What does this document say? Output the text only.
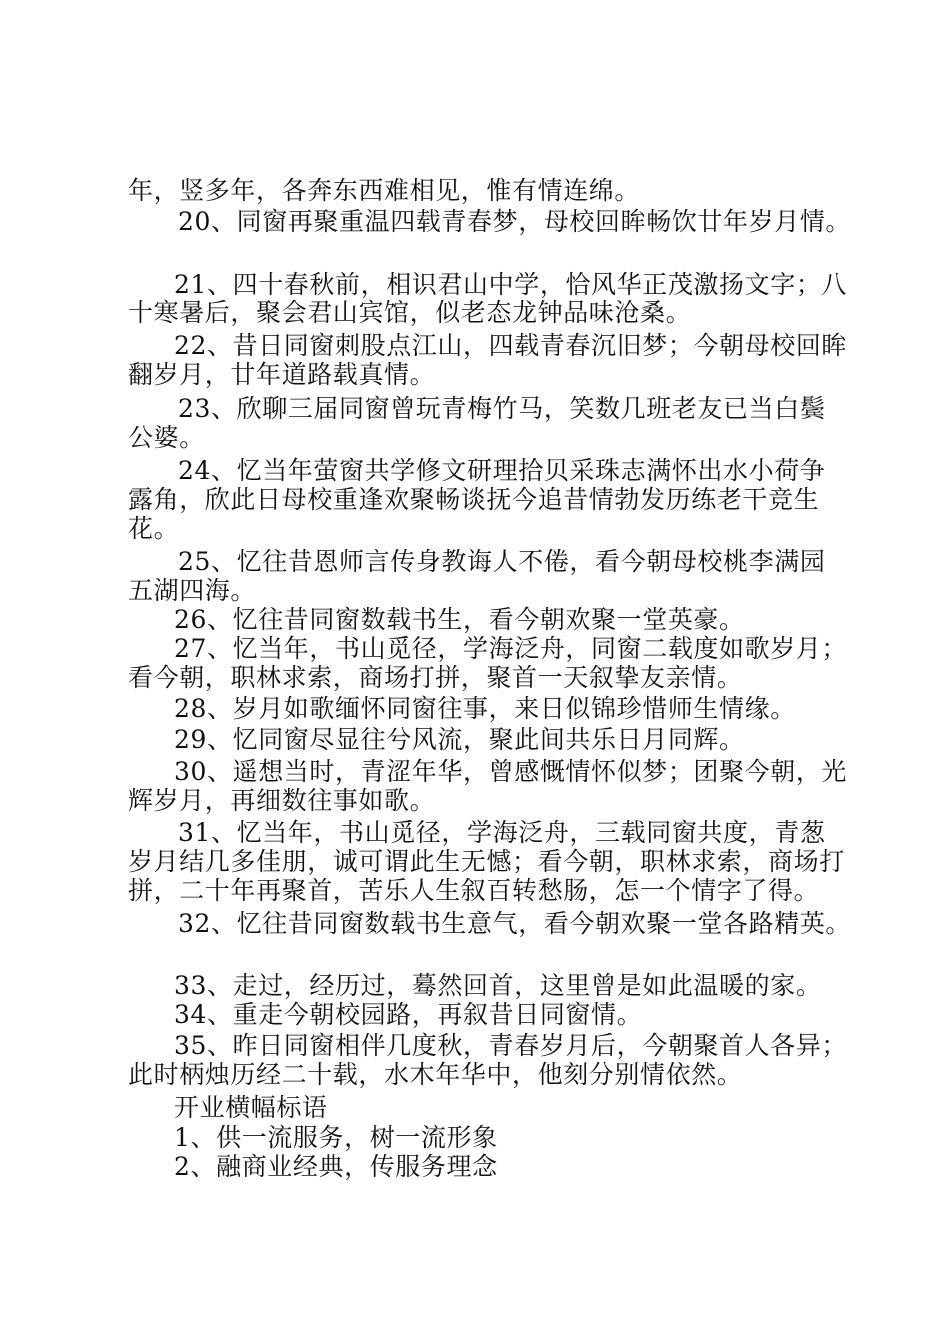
年，竖多年，各奔东西难相见，惟有情连绵。
20、同窗再聚重温四载青春梦，母校回眸畅饮廿年岁月情。
21、四十春秋前，相识君山中学，恰风华正茂激扬文字；八
十寒暑后，聚会君山宾馆，似老态龙钟品味沧桑。
22、昔日同窗刺股点江山，四载青春沉旧梦；今朝母校回眸
翻岁月，廿年道路载真情。
23、欣聊三届同窗曾玩青梅竹马，笑数几班老友已当白鬓
公婆。
24、忆当年萤窗共学修文研理拾贝采珠志满怀出水小荷争
露角，欣此日母校重逢欢聚畅谈抚今追昔情勃发历练老干竞生
花。
25、忆往昔恩师言传身教诲人不倦，看今朝母校桃李满园
五湖四海。
26、忆往昔同窗数载书生，看今朝欢聚一堂英豪。
27、忆当年，书山觅径，学海泛舟，同窗二载度如歌岁月；
看今朝，职林求索，商场打拼，聚首一天叙挚友亲情。
28、岁月如歌缅怀同窗往事，来日似锦珍惜师生情缘。
29、忆同窗尽显往兮风流，聚此间共乐日月同辉。
30、遥想当时，青涩年华，曾感慨情怀似梦；团聚今朝，光
辉岁月，再细数往事如歌。
31、忆当年，书山觅径，学海泛舟，三载同窗共度，青葱
岁月结几多佳朋，诚可谓此生无憾；看今朝，职林求索，商场打
拼，二十年再聚首，苦乐人生叙百转愁肠，怎一个情字了得。
32、忆往昔同窗数载书生意气，看今朝欢聚一堂各路精英。
33、走过，经历过，蓦然回首，这里曾是如此温暖的家。
34、重走今朝校园路，再叙昔日同窗情。
35、昨日同窗相伴几度秋，青春岁月后，今朝聚首人各异；
此时柄烛历经二十载，水木年华中，他刻分别情依然。
开业横幅标语
1、供一流服务，树一流形象
2、融商业经典，传服务理念
